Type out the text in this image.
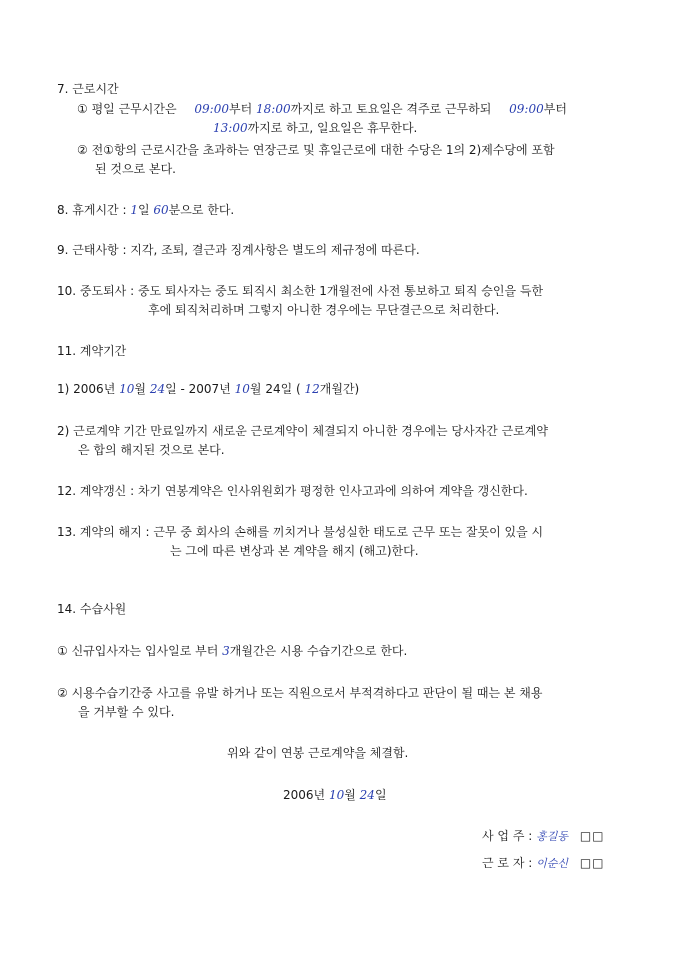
7. 근로시간
① 평일 근무시간은 09:00부터 18:00까지로 하고 토요일은 격주로 근무하되 09:00부터
13:00까지로 하고, 일요일은 휴무한다.
② 전①항의 근로시간을 초과하는 연장근로 및 휴일근로에 대한 수당은 1의 2)제수당에 포함
된 것으로 본다.
8. 휴게시간 : 1일 60분으로 한다.
9. 근태사항 : 지각, 조퇴, 결근과 징계사항은 별도의 제규정에 따른다.
10. 중도퇴사 : 중도 퇴사자는 중도 퇴직시 최소한 1개월전에 사전 통보하고 퇴직 승인을 득한
후에 퇴직처리하며 그렇지 아니한 경우에는 무단결근으로 처리한다.
11. 계약기간
1) 2006년 10월 24일 - 2007년 10월 24일 ( 12개월간)
2) 근로계약 기간 만료일까지 새로운 근로계약이 체결되지 아니한 경우에는 당사자간 근로계약
은 합의 해지된 것으로 본다.
12. 계약갱신 : 차기 연봉계약은 인사위원회가 평정한 인사고과에 의하여 계약을 갱신한다.
13. 계약의 해지 : 근무 중 회사의 손해를 끼치거나 불성실한 태도로 근무 또는 잘못이 있을 시
는 그에 따른 변상과 본 계약을 해지 (해고)한다.
14. 수습사원
① 신규입사자는 입사일로 부터 3개월간은 시용 수습기간으로 한다.
② 시용수습기간중 사고를 유발 하거나 또는 직원으로서 부적격하다고 판단이 될 때는 본 채용
을 거부할 수 있다.
위와 같이 연봉 근로계약을 체결함.
2006년 10월 24일
사 업 주 : 홍길동 □□
근 로 자 : 이순신 □□
